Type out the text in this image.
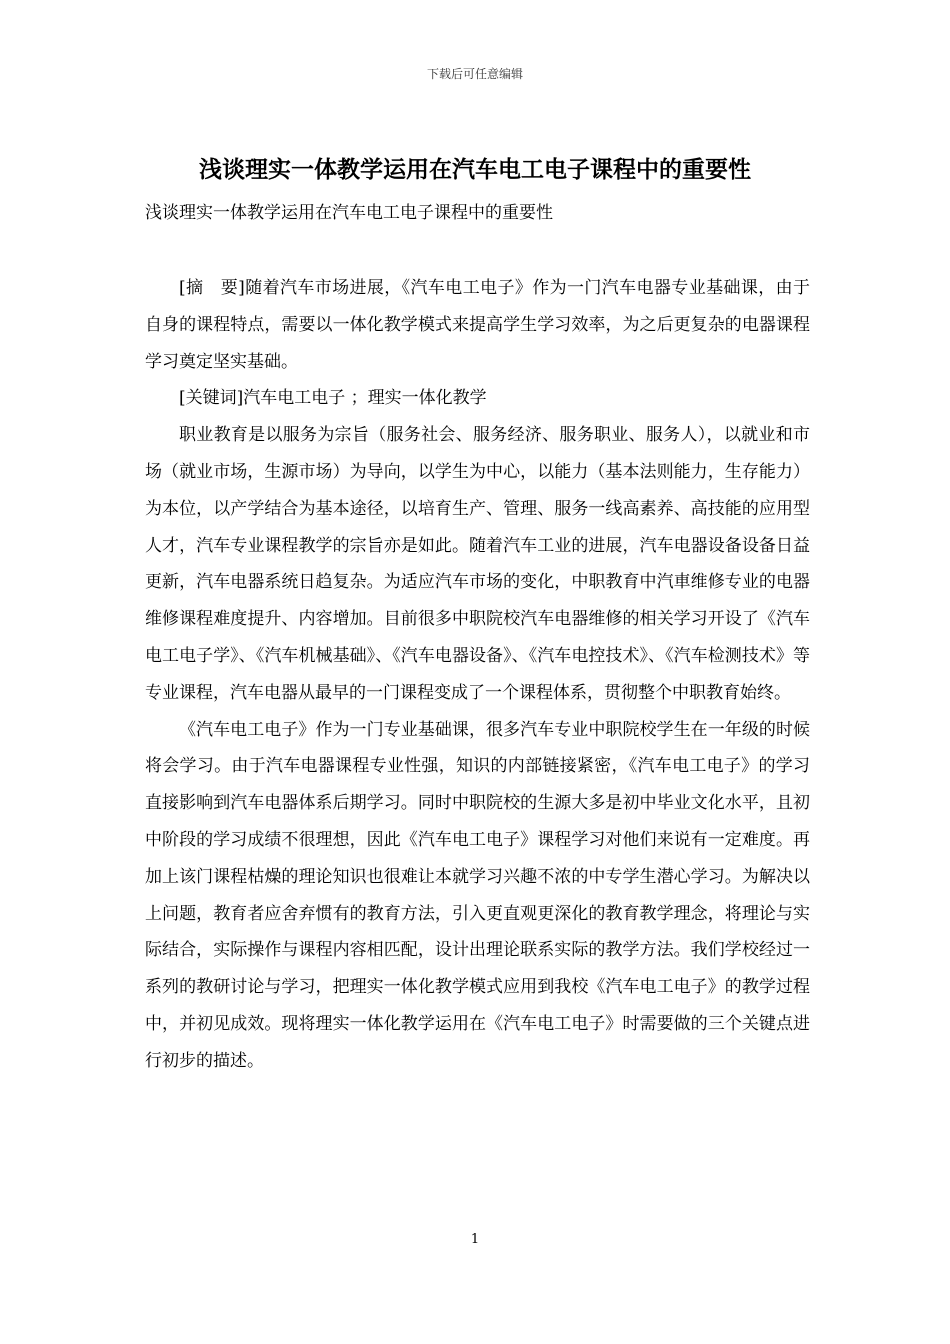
下载后可任意编辑
浅谈理实一体教学运用在汽车电工电子课程中的重要性
浅谈理实一体教学运用在汽车电工电子课程中的重要性

[摘　要]随着汽车市场进展，《汽车电工电子》作为一门汽车电器专业基础课，由于自身的课程特点，需要以一体化教学模式来提高学生学习效率，为之后更复杂的电器课程学习奠定坚实基础。

[关键词]汽车电工电子 ；理实一体化教学

职业教育是以服务为宗旨（服务社会、服务经济、服务职业、服务人），以就业和市场（就业市场，生源市场）为导向，以学生为中心，以能力（基本法则能力，生存能力）为本位，以产学结合为基本途径，以培育生产、管理、服务一线高素养、高技能的应用型人才，汽车专业课程教学的宗旨亦是如此。随着汽车工业的进展，汽车电器设备设备日益更新，汽车电器系统日趋复杂。为适应汽车市场的变化，中职教育中汽車维修专业的电器维修课程难度提升、内容增加。目前很多中职院校汽车电器维修的相关学习开设了《汽车电工电子学》、《汽车机械基础》、《汽车电器设备》、《汽车电控技术》、《汽车检测技术》等专业课程，汽车电器从最早的一门课程变成了一个课程体系，贯彻整个中职教育始终。

《汽车电工电子》作为一门专业基础课，很多汽车专业中职院校学生在一年级的时候将会学习。由于汽车电器课程专业性强，知识的内部链接紧密，《汽车电工电子》的学习直接影响到汽车电器体系后期学习。同时中职院校的生源大多是初中毕业文化水平，且初中阶段的学习成绩不很理想，因此《汽车电工电子》课程学习对他们来说有一定难度。再加上该门课程枯燥的理论知识也很难让本就学习兴趣不浓的中专学生潜心学习。为解决以上问题，教育者应舍弃惯有的教育方法，引入更直观更深化的教育教学理念，将理论与实际结合，实际操作与课程内容相匹配，设计出理论联系实际的教学方法。我们学校经过一系列的教研讨论与学习，把理实一体化教学模式应用到我校《汽车电工电子》的教学过程中，并初见成效。现将理实一体化教学运用在《汽车电工电子》时需要做的三个关键点进行初步的描述。

1
